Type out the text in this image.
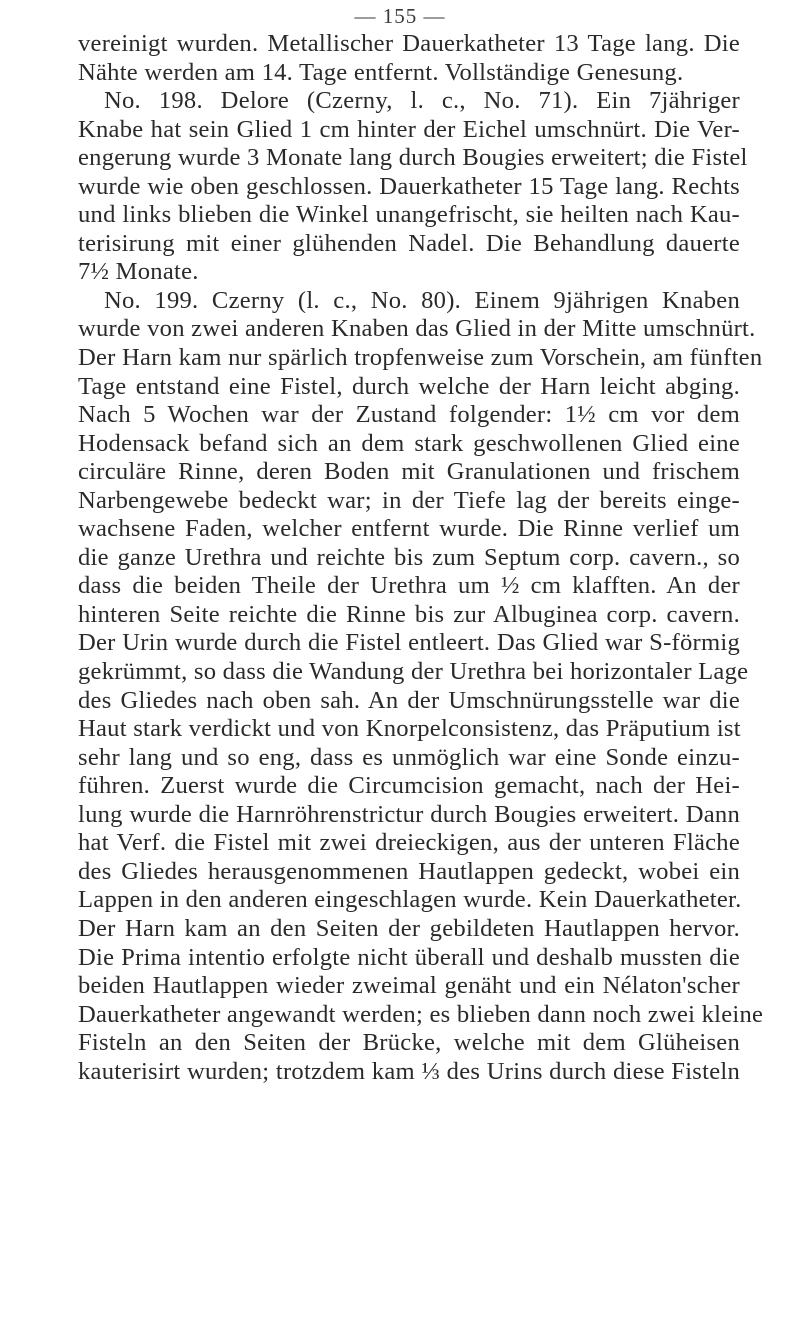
— 155 —
vereinigt wurden. Metallischer Dauerkatheter 13 Tage lang. Die
Nähte werden am 14. Tage entfernt. Vollständige Genesung.
No. 198. Delore (Czerny, l. c., No. 71). Ein 7jähriger
Knabe hat sein Glied 1 cm hinter der Eichel umschnürt. Die Ver-
engerung wurde 3 Monate lang durch Bougies erweitert; die Fistel
wurde wie oben geschlossen. Dauerkatheter 15 Tage lang. Rechts
und links blieben die Winkel unangefrischt, sie heilten nach Kau-
terisirung mit einer glühenden Nadel. Die Behandlung dauerte
7½ Monate.
No. 199. Czerny (l. c., No. 80). Einem 9jährigen Knaben
wurde von zwei anderen Knaben das Glied in der Mitte umschnürt.
Der Harn kam nur spärlich tropfenweise zum Vorschein, am fünften
Tage entstand eine Fistel, durch welche der Harn leicht abging.
Nach 5 Wochen war der Zustand folgender: 1½ cm vor dem
Hodensack befand sich an dem stark geschwollenen Glied eine
circuläre Rinne, deren Boden mit Granulationen und frischem
Narbengewebe bedeckt war; in der Tiefe lag der bereits einge-
wachsene Faden, welcher entfernt wurde. Die Rinne verlief um
die ganze Urethra und reichte bis zum Septum corp. cavern., so
dass die beiden Theile der Urethra um ½ cm klafften. An der
hinteren Seite reichte die Rinne bis zur Albuginea corp. cavern.
Der Urin wurde durch die Fistel entleert. Das Glied war S-förmig
gekrümmt, so dass die Wandung der Urethra bei horizontaler Lage
des Gliedes nach oben sah. An der Umschnürungsstelle war die
Haut stark verdickt und von Knorpelconsistenz, das Präputium ist
sehr lang und so eng, dass es unmöglich war eine Sonde einzu-
führen. Zuerst wurde die Circumcision gemacht, nach der Hei-
lung wurde die Harnröhrenstrictur durch Bougies erweitert. Dann
hat Verf. die Fistel mit zwei dreieckigen, aus der unteren Fläche
des Gliedes herausgenommenen Hautlappen gedeckt, wobei ein
Lappen in den anderen eingeschlagen wurde. Kein Dauerkatheter.
Der Harn kam an den Seiten der gebildeten Hautlappen hervor.
Die Prima intentio erfolgte nicht überall und deshalb mussten die
beiden Hautlappen wieder zweimal genäht und ein Nélaton'scher
Dauerkatheter angewandt werden; es blieben dann noch zwei kleine
Fisteln an den Seiten der Brücke, welche mit dem Glüheisen
kauterisirt wurden; trotzdem kam ⅓ des Urins durch diese Fisteln
